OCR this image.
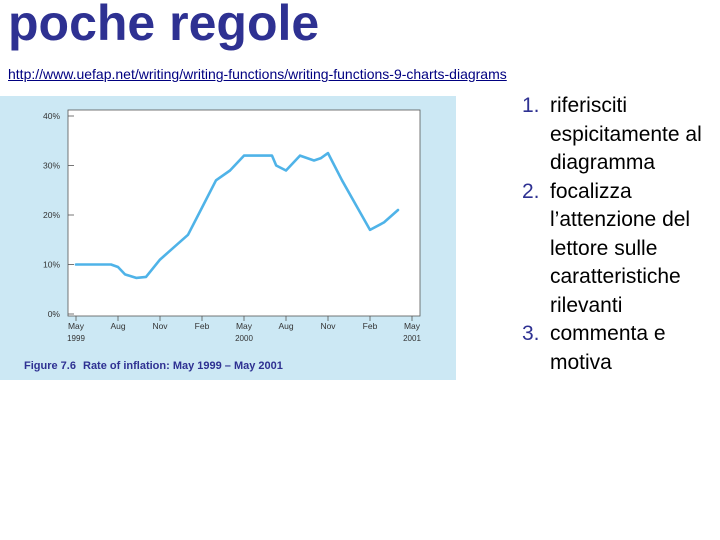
poche regole
http://www.uefap.net/writing/writing-functions/writing-functions-9-charts-diagrams
40%
30%
20%
10%
0%
May	Aug	Nov	Feb	May	Aug	Nov	Feb	May
1999	2000	2001
Figure 7.6 Rate of inflation: May 1999 – May 2001
1. riferisciti espicitamente al diagramma
2. focalizza l’attenzione del lettore sulle caratteristiche rilevanti
3. commenta e motiva
